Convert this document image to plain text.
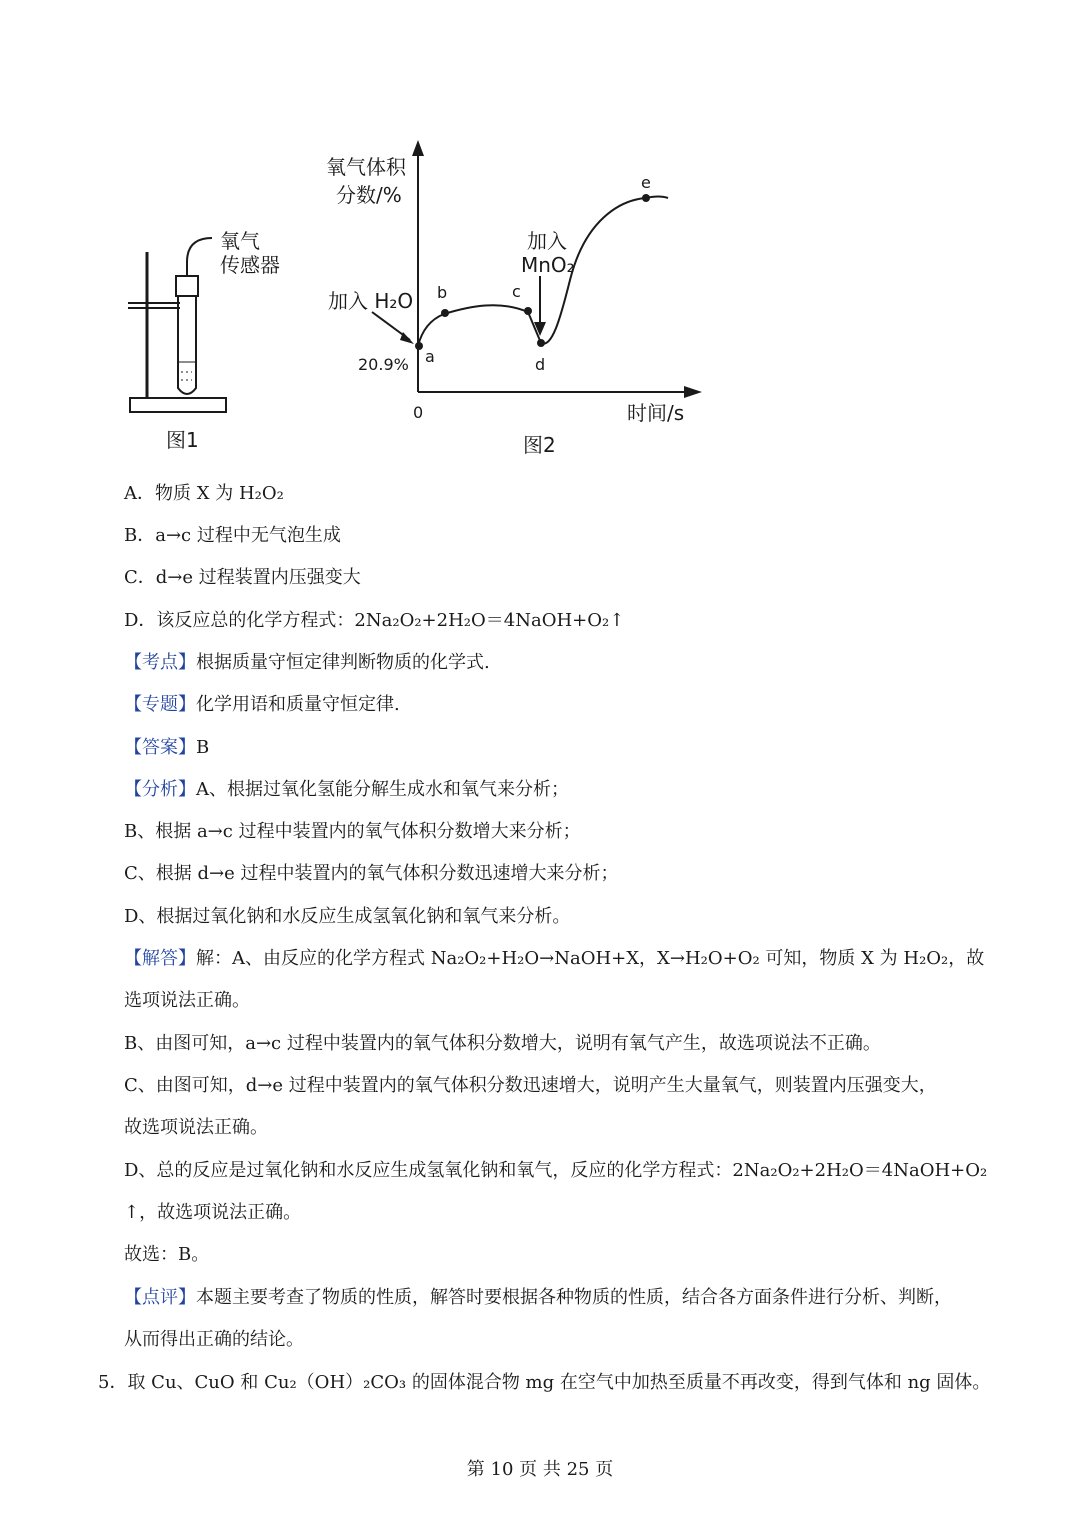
氧气
传感器
图1
氧气体积
分数/%
时间/s
0
20.9%
加入 H₂O
加入
MnO₂
a
b	c
d
e
图2
A．物质 X 为 H₂O₂
B．a→c 过程中无气泡生成
C．d→e 过程装置内压强变大
D．该反应总的化学方程式：2Na₂O₂+2H₂O＝4NaOH+O₂↑
【考点】根据质量守恒定律判断物质的化学式.
【专题】化学用语和质量守恒定律.
【答案】B
【分析】A、根据过氧化氢能分解生成水和氧气来分析；
B、根据 a→c 过程中装置内的氧气体积分数增大来分析；
C、根据 d→e 过程中装置内的氧气体积分数迅速增大来分析；
D、根据过氧化钠和水反应生成氢氧化钠和氧气来分析。
【解答】解：A、由反应的化学方程式 Na₂O₂+H₂O→NaOH+X，X→H₂O+O₂ 可知，物质 X 为 H₂O₂，故
选项说法正确。
B、由图可知，a→c 过程中装置内的氧气体积分数增大，说明有氧气产生，故选项说法不正确。
C、由图可知，d→e 过程中装置内的氧气体积分数迅速增大，说明产生大量氧气，则装置内压强变大，
故选项说法正确。
D、总的反应是过氧化钠和水反应生成氢氧化钠和氧气，反应的化学方程式：2Na₂O₂+2H₂O＝4NaOH+O₂
↑，故选项说法正确。
故选：B。
【点评】本题主要考查了物质的性质，解答时要根据各种物质的性质，结合各方面条件进行分析、判断，
从而得出正确的结论。
5．取 Cu、CuO 和 Cu₂（OH）₂CO₃ 的固体混合物 mg 在空气中加热至质量不再改变，得到气体和 ng 固体。
第 10 页 共 25 页
